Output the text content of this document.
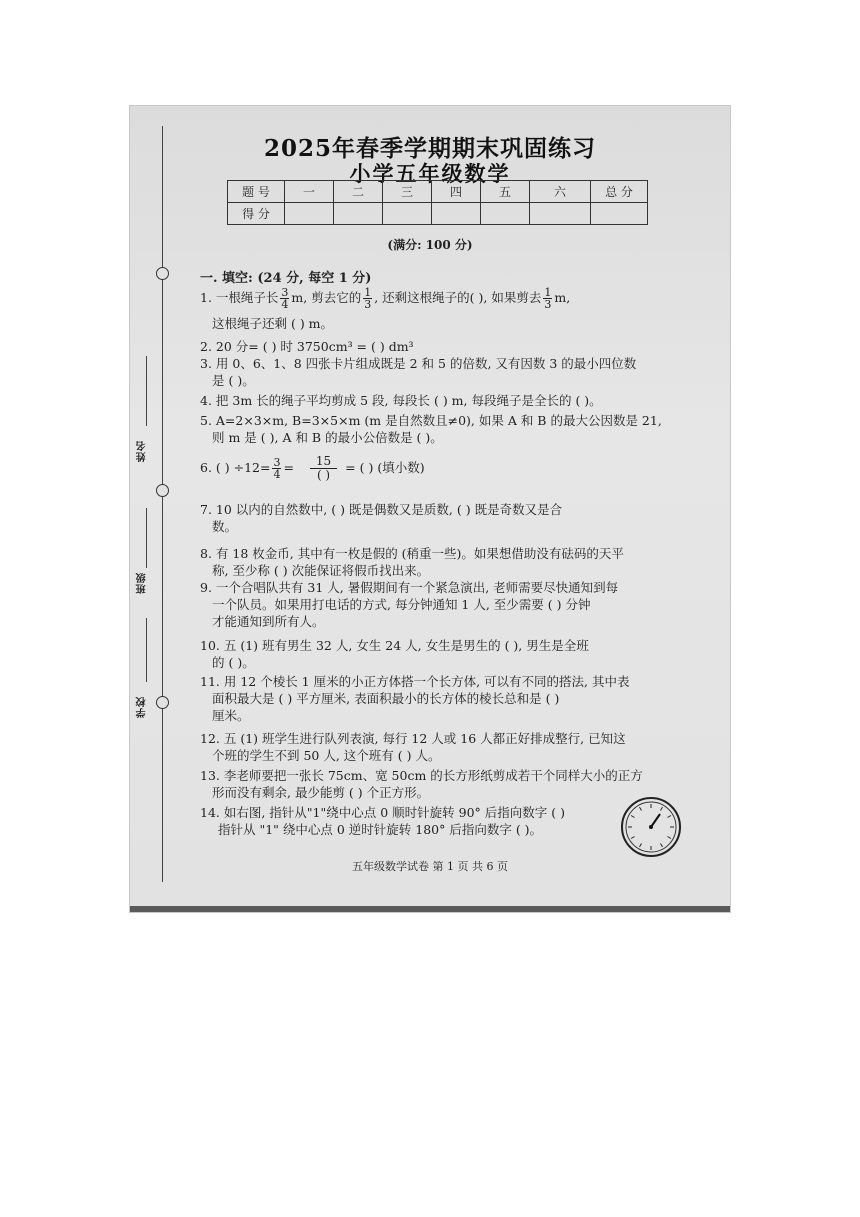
姓名
班级
学校
2025年春季学期期末巩固练习
小学五年级数学
题 号	一	二	三	四	五	六	总 分
得 分							
(满分: 100 分)
一. 填空: (24 分, 每空 1 分)
1. 一根绳子长 $\frac{3}{4} m$, 剪去它的 $\frac{1}{3}$ , 还剩这根绳子的( ), 如果剪去 $\frac{1}{3} m$,
这根绳子还剩 ( ) m。
2. 20 分= ( ) 时 3750cm³ = ( ) dm³
3. 用 0、6、1、8 四张卡片组成既是 2 和 5 的倍数, 又有因数 3 的最小四位数
是 ( )。
4. 把 3m 长的绳子平均剪成 5 段, 每段长 ( ) m, 每段绳子是全长的 ( )。
5. A=2×3×m, B=3×5×m (m 是自然数且≠0), 如果 A 和 B 的最大公因数是 21,
则 m 是 ( ), A 和 B 的最小公倍数是 ( )。
6. ( ) $\div 12= \frac{3}{4} = \frac{15}{( )}$ = ( ) (填小数)
7. 10 以内的自然数中, ( ) 既是偶数又是质数, ( ) 既是奇数又是合
数。
8. 有 18 枚金币, 其中有一枚是假的 (稍重一些)。如果想借助没有砝码的天平
称, 至少称 ( ) 次能保证将假币找出来。
9. 一个合唱队共有 31 人, 暑假期间有一个紧急演出, 老师需要尽快通知到每
一个队员。如果用打电话的方式, 每分钟通知 1 人, 至少需要 ( ) 分钟
才能通知到所有人。
10. 五 (1) 班有男生 32 人, 女生 24 人, 女生是男生的 ( ), 男生是全班
的 ( )。
11. 用 12 个棱长 1 厘米的小正方体搭一个长方体, 可以有不同的搭法, 其中表
面积最大是 ( ) 平方厘米, 表面积最小的长方体的棱长总和是 ( )
厘米。
12. 五 (1) 班学生进行队列表演, 每行 12 人或 16 人都正好排成整行, 已知这
个班的学生不到 50 人, 这个班有 ( ) 人。
13. 李老师要把一张长 75cm、宽 50cm 的长方形纸剪成若干个同样大小的正方
形而没有剩余, 最少能剪 ( ) 个正方形。
14. 如右图, 指针从"1"绕中心点 0 顺时针旋转 90° 后指向数字 ( )
指针从 "1" 绕中心点 0 逆时针旋转 180° 后指向数字 ( )。
五年级数学试卷 第 1 页 共 6 页
